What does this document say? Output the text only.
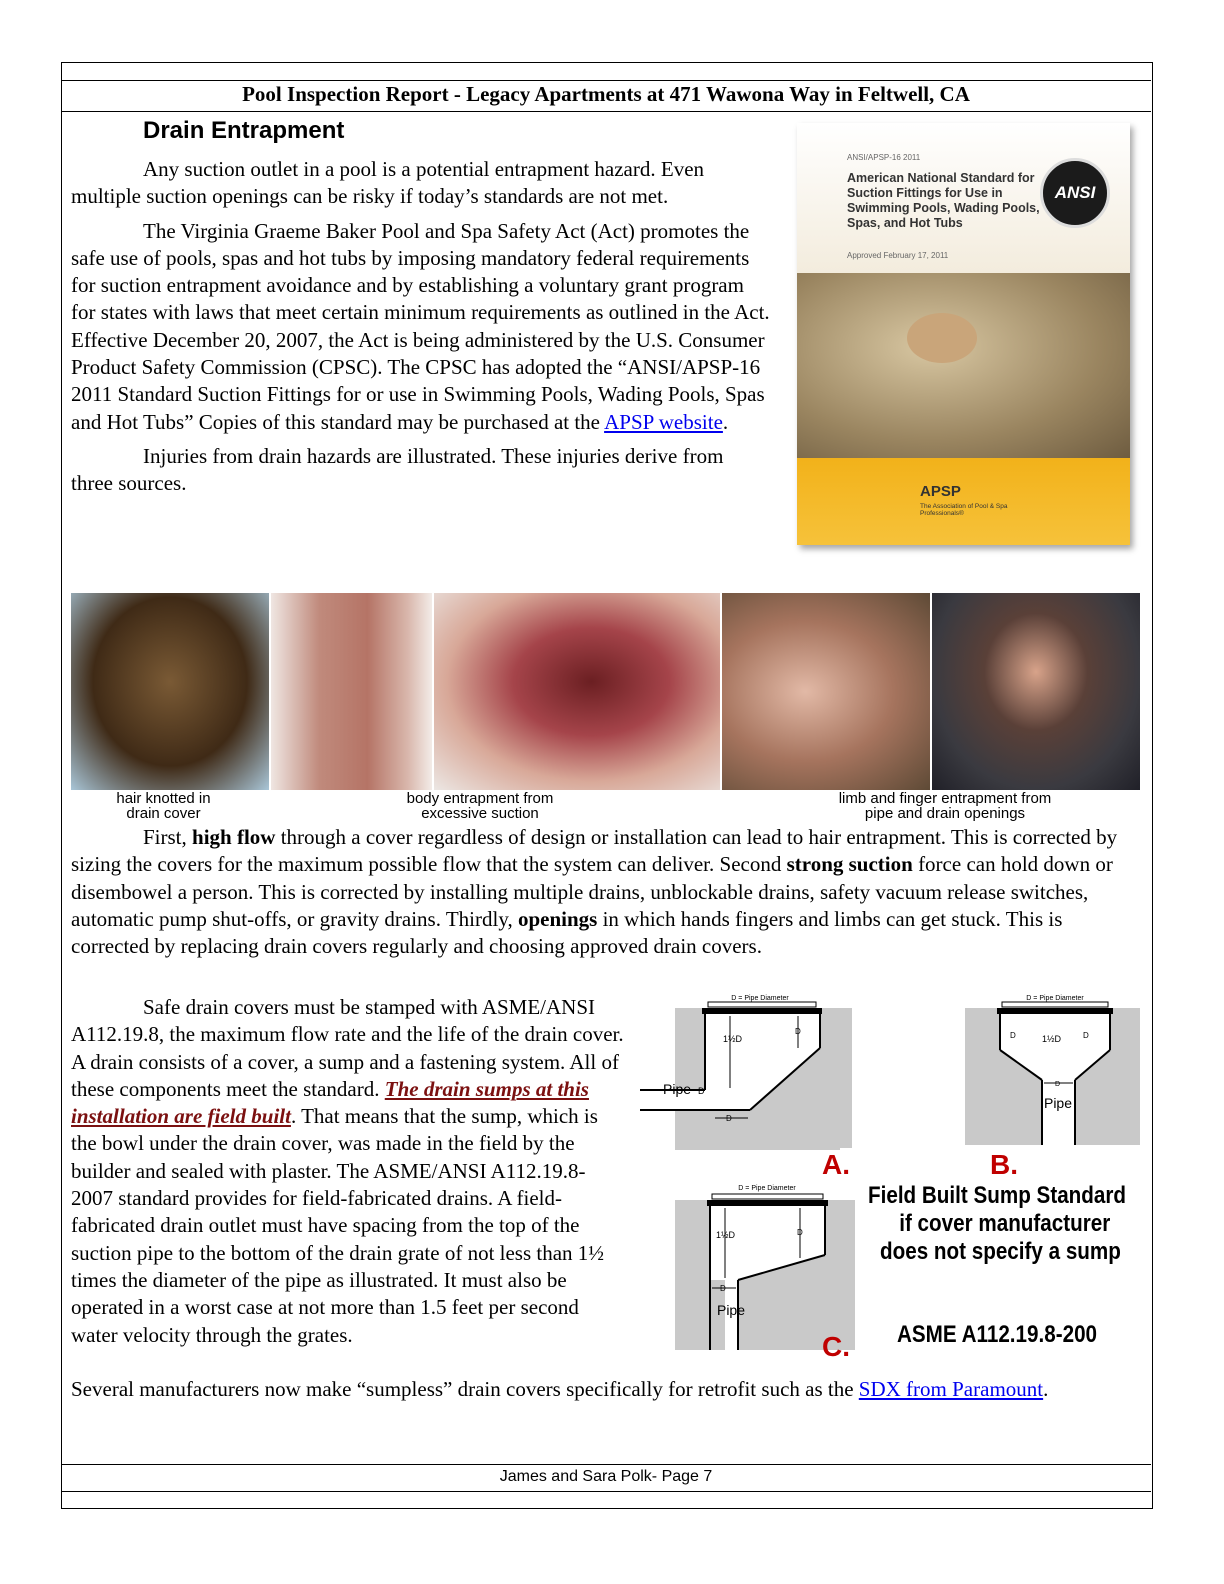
Pool Inspection Report - Legacy Apartments at 471 Wawona Way in Feltwell, CA
Drain Entrapment

Any suction outlet in a pool is a potential entrapment hazard. Even multiple suction openings can be risky if today’s standards are not met.

The Virginia Graeme Baker Pool and Spa Safety Act (Act) promotes the safe use of pools, spas and hot tubs by imposing mandatory federal requirements for suction entrapment avoidance and by establishing a voluntary grant program for states with laws that meet certain minimum requirements as outlined in the Act. Effective December 20, 2007, the Act is being administered by the U.S. Consumer Product Safety Commission (CPSC). The CPSC has adopted the “ANSI/APSP-16 2011 Standard Suction Fittings for or use in Swimming Pools, Wading Pools, Spas and Hot Tubs” Copies of this standard may be purchased at the APSP website.

Injuries from drain hazards are illustrated. These injuries derive from three sources.

ANSI/APSP-16 2011
American National Standard for Suction Fittings for Use in Swimming Pools, Wading Pools, Spas, and Hot Tubs
Approved February 17, 2011
ANSI
APSP
The Association of Pool & Spa Professionals®
hair knotted in
drain cover
body entrapment from
excessive suction
limb and finger entrapment from
pipe and drain openings

First, high flow through a cover regardless of design or installation can lead to hair entrapment. This is corrected by sizing the covers for the maximum possible flow that the system can deliver. Second strong suction force can hold down or disembowel a person. This is corrected by installing multiple drains, unblockable drains, safety vacuum release switches, automatic pump shut-offs, or gravity drains. Thirdly, openings in which hands fingers and limbs can get stuck. This is corrected by replacing drain covers regularly and choosing approved drain covers.

Safe drain covers must be stamped with ASME/ANSI A112.19.8, the maximum flow rate and the life of the drain cover. A drain consists of a cover, a sump and a fastening system. All of these components meet the standard. The drain sumps at this installation are field built. That means that the sump, which is the bowl under the drain cover, was made in the field by the builder and sealed with plaster. The ASME/ANSI A112.19.8-2007 standard provides for field-fabricated drains. A field-fabricated drain outlet must have spacing from the top of the suction pipe to the bottom of the drain grate of not less than 1½ times the diameter of the pipe as illustrated. It must also be operated in a worst case at not more than 1.5 feet per second water velocity through the grates.

Several manufacturers now make “sumpless” drain covers specifically for retrofit such as the SDX from Paramount.

D = Pipe Diameter
1½D
D
Pipe D
D
A.
D = Pipe Diameter
D	1½D	D
D
Pipe
B.
D = Pipe Diameter
1½D	D
D
Pipe
C.
Field Built Sump Standard
if cover manufacturer
does not specify a sump
ASME A112.19.8-200
James and Sara Polk- Page 7
